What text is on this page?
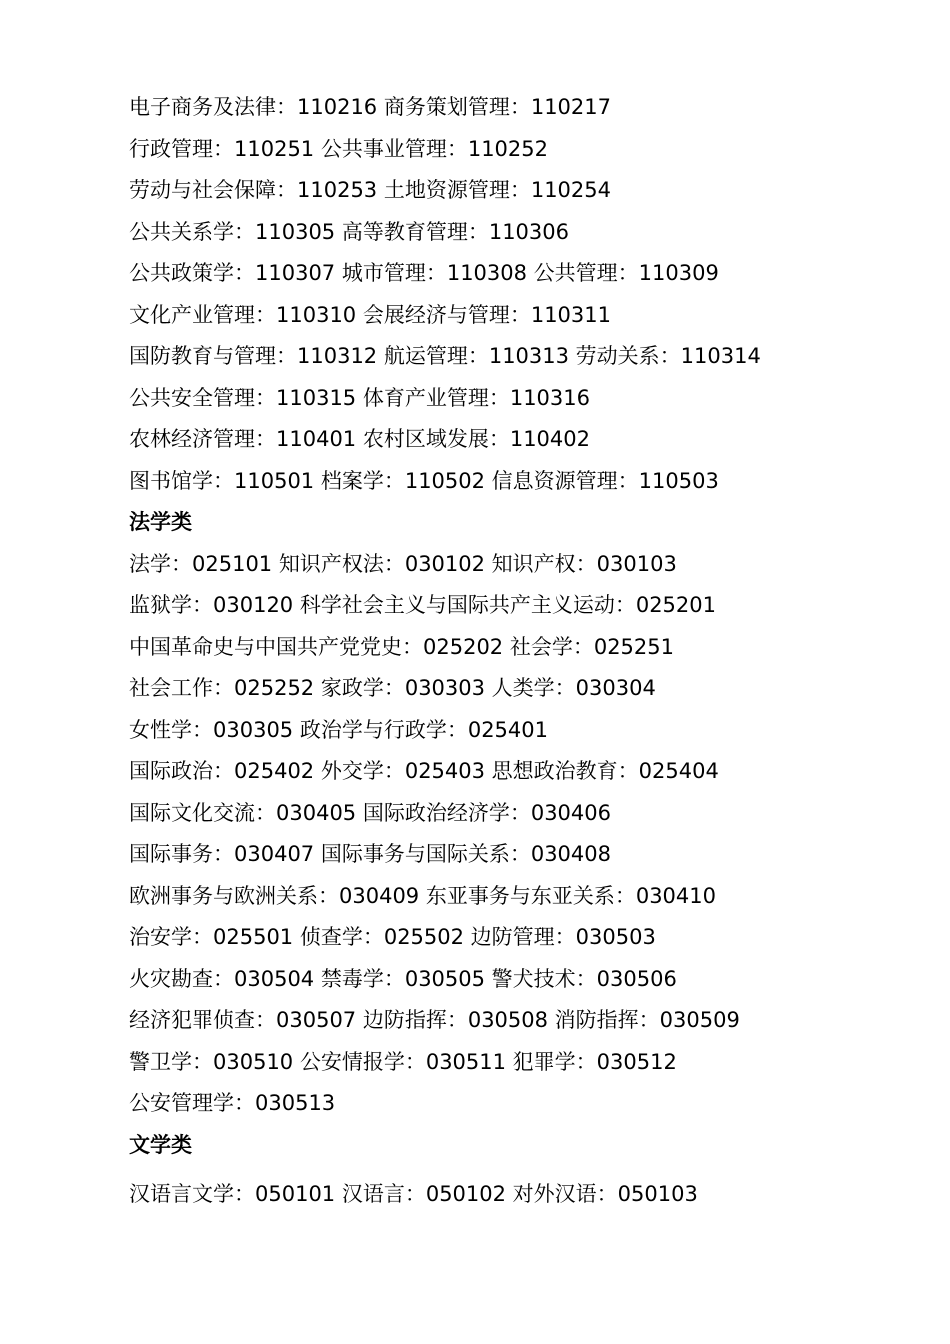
电子商务及法律：110216 商务策划管理：110217
行政管理：110251 公共事业管理：110252
劳动与社会保障：110253 土地资源管理：110254
公共关系学：110305 高等教育管理：110306
公共政策学：110307 城市管理：110308 公共管理：110309
文化产业管理：110310 会展经济与管理：110311
国防教育与管理：110312 航运管理：110313 劳动关系：110314
公共安全管理：110315 体育产业管理：110316
农林经济管理：110401 农村区域发展：110402
图书馆学：110501 档案学：110502 信息资源管理：110503
法学类
法学：025101 知识产权法：030102 知识产权：030103
监狱学：030120 科学社会主义与国际共产主义运动：025201
中国革命史与中国共产党党史：025202 社会学：025251
社会工作：025252 家政学：030303 人类学：030304
女性学：030305 政治学与行政学：025401
国际政治：025402 外交学：025403 思想政治教育：025404
国际文化交流：030405 国际政治经济学：030406
国际事务：030407 国际事务与国际关系：030408
欧洲事务与欧洲关系：030409 东亚事务与东亚关系：030410
治安学：025501 侦查学：025502 边防管理：030503
火灾勘查：030504 禁毒学：030505 警犬技术：030506
经济犯罪侦查：030507 边防指挥：030508 消防指挥：030509
警卫学：030510 公安情报学：030511 犯罪学：030512
公安管理学：030513
文学类
汉语言文学：050101 汉语言：050102 对外汉语：050103
